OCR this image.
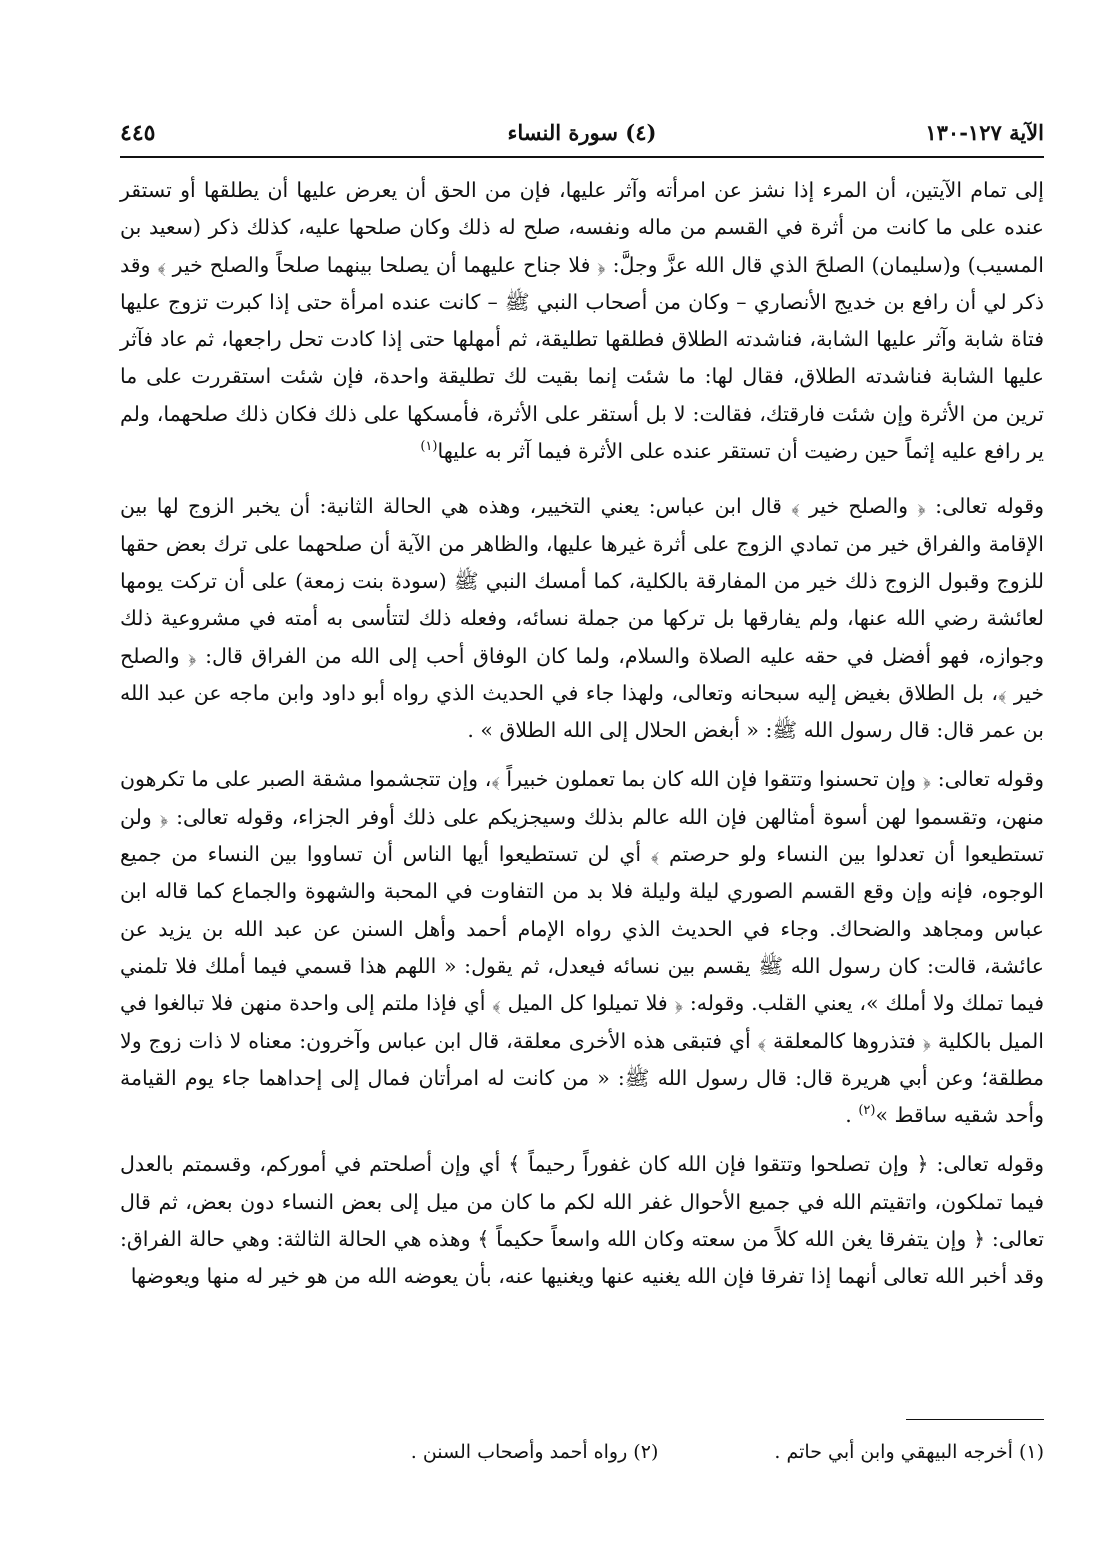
الآية ١٢٧-١٣٠
(٤) سورة النساء
٤٤٥

إلى تمام الآيتين، أن المرء إذا نشز عن امرأته وآثر عليها، فإن من الحق أن يعرض عليها أن يطلقها أو تستقر عنده على ما كانت من أثرة في القسم من ماله ونفسه، صلح له ذلك وكان صلحها عليه، كذلك ذكر (سعيد بن المسيب) و(سليمان) الصلحَ الذي قال الله عزَّ وجلَّ: ﴿ فلا جناح عليهما أن يصلحا بينهما صلحاً والصلح خير ﴾ وقد ذكر لي أن رافع بن خديج الأنصاري – وكان من أصحاب النبي ﷺ – كانت عنده امرأة حتى إذا كبرت تزوج عليها فتاة شابة وآثر عليها الشابة، فناشدته الطلاق فطلقها تطليقة، ثم أمهلها حتى إذا كادت تحل راجعها، ثم عاد فآثر عليها الشابة فناشدته الطلاق، فقال لها: ما شئت إنما بقيت لك تطليقة واحدة، فإن شئت استقررت على ما ترين من الأثرة وإن شئت فارقتك، فقالت: لا بل أستقر على الأثرة، فأمسكها على ذلك فكان ذلك صلحهما، ولم ير رافع عليه إثماً حين رضيت أن تستقر عنده على الأثرة فيما آثر به عليها$^{(١)}$

وقوله تعالى: ﴿ والصلح خير ﴾ قال ابن عباس: يعني التخيير، وهذه هي الحالة الثانية: أن يخبر الزوج لها بين الإقامة والفراق خير من تمادي الزوج على أثرة غيرها عليها، والظاهر من الآية أن صلحهما على ترك بعض حقها للزوج وقبول الزوج ذلك خير من المفارقة بالكلية، كما أمسك النبي ﷺ (سودة بنت زمعة) على أن تركت يومها لعائشة رضي الله عنها، ولم يفارقها بل تركها من جملة نسائه، وفعله ذلك لتتأسى به أمته في مشروعية ذلك وجوازه، فهو أفضل في حقه عليه الصلاة والسلام، ولما كان الوفاق أحب إلى الله من الفراق قال: ﴿ والصلح خير ﴾، بل الطلاق بغيض إليه سبحانه وتعالى، ولهذا جاء في الحديث الذي رواه أبو داود وابن ماجه عن عبد الله بن عمر قال: قال رسول الله ﷺ: « أبغض الحلال إلى الله الطلاق » .

وقوله تعالى: ﴿ وإن تحسنوا وتتقوا فإن الله كان بما تعملون خبيراً ﴾، وإن تتجشموا مشقة الصبر على ما تكرهون منهن، وتقسموا لهن أسوة أمثالهن فإن الله عالم بذلك وسيجزيكم على ذلك أوفر الجزاء، وقوله تعالى: ﴿ ولن تستطيعوا أن تعدلوا بين النساء ولو حرصتم ﴾ أي لن تستطيعوا أيها الناس أن تساووا بين النساء من جميع الوجوه، فإنه وإن وقع القسم الصوري ليلة وليلة فلا بد من التفاوت في المحبة والشهوة والجماع كما قاله ابن عباس ومجاهد والضحاك. وجاء في الحديث الذي رواه الإمام أحمد وأهل السنن عن عبد الله بن يزيد عن عائشة، قالت: كان رسول الله ﷺ يقسم بين نسائه فيعدل، ثم يقول: « اللهم هذا قسمي فيما أملك فلا تلمني فيما تملك ولا أملك »، يعني القلب. وقوله: ﴿ فلا تميلوا كل الميل ﴾ أي فإذا ملتم إلى واحدة منهن فلا تبالغوا في الميل بالكلية ﴿ فتذروها كالمعلقة ﴾ أي فتبقى هذه الأخرى معلقة، قال ابن عباس وآخرون: معناه لا ذات زوج ولا مطلقة؛ وعن أبي هريرة قال: قال رسول الله ﷺ: « من كانت له امرأتان فمال إلى إحداهما جاء يوم القيامة وأحد شقيه ساقط »$^{(٢)}$ .

وقوله تعالى: ﴿ وإن تصلحوا وتتقوا فإن الله كان غفوراً رحيماً ﴾ أي وإن أصلحتم في أموركم، وقسمتم بالعدل فيما تملكون، واتقيتم الله في جميع الأحوال غفر الله لكم ما كان من ميل إلى بعض النساء دون بعض، ثم قال تعالى: ﴿ وإن يتفرقا يغن الله كلاً من سعته وكان الله واسعاً حكيماً ﴾ وهذه هي الحالة الثالثة: وهي حالة الفراق: وقد أخبر الله تعالى أنهما إذا تفرقا فإن الله يغنيه عنها ويغنيها عنه، بأن يعوضه الله من هو خير له منها ويعوضها

(١) أخرجه البيهقي وابن أبي حاتم . (٢) رواه أحمد وأصحاب السنن .
